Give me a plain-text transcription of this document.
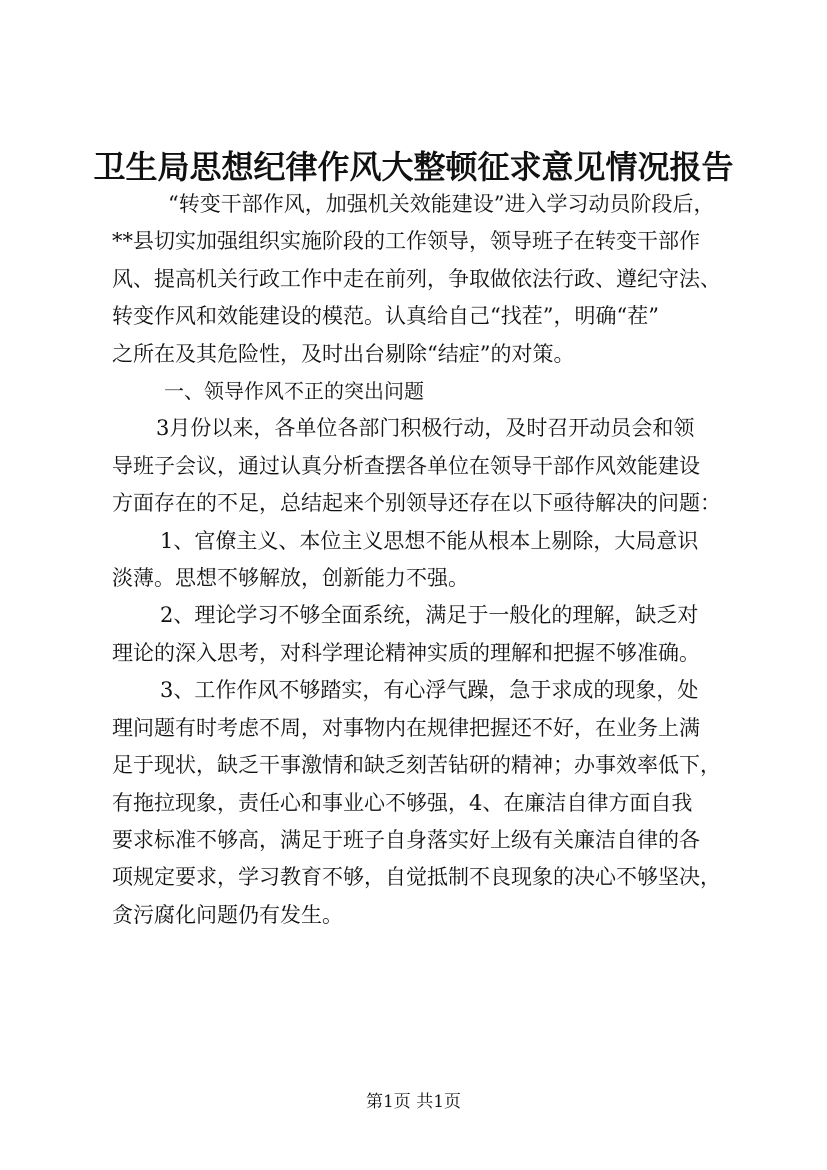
卫生局思想纪律作风大整顿征求意见情况报告
“转变干部作风，加强机关效能建设”进入学习动员阶段后，
**县切实加强组织实施阶段的工作领导，领导班子在转变干部作
风、提高机关行政工作中走在前列，争取做依法行政、遵纪守法、
转变作风和效能建设的模范。认真给自己“找茬”，明确“茬”
之所在及其危险性，及时出台剔除“结症”的对策。
一、领导作风不正的突出问题
3月份以来，各单位各部门积极行动，及时召开动员会和领
导班子会议，通过认真分析查摆各单位在领导干部作风效能建设
方面存在的不足，总结起来个别领导还存在以下亟待解决的问题：
1、官僚主义、本位主义思想不能从根本上剔除，大局意识
淡薄。思想不够解放，创新能力不强。
2、理论学习不够全面系统，满足于一般化的理解，缺乏对
理论的深入思考，对科学理论精神实质的理解和把握不够准确。
3、工作作风不够踏实，有心浮气躁，急于求成的现象，处
理问题有时考虑不周，对事物内在规律把握还不好，在业务上满
足于现状，缺乏干事激情和缺乏刻苦钻研的精神；办事效率低下，
有拖拉现象，责任心和事业心不够强，4、在廉洁自律方面自我
要求标准不够高，满足于班子自身落实好上级有关廉洁自律的各
项规定要求，学习教育不够，自觉抵制不良现象的决心不够坚决，
贪污腐化问题仍有发生。
第1页 共1页
